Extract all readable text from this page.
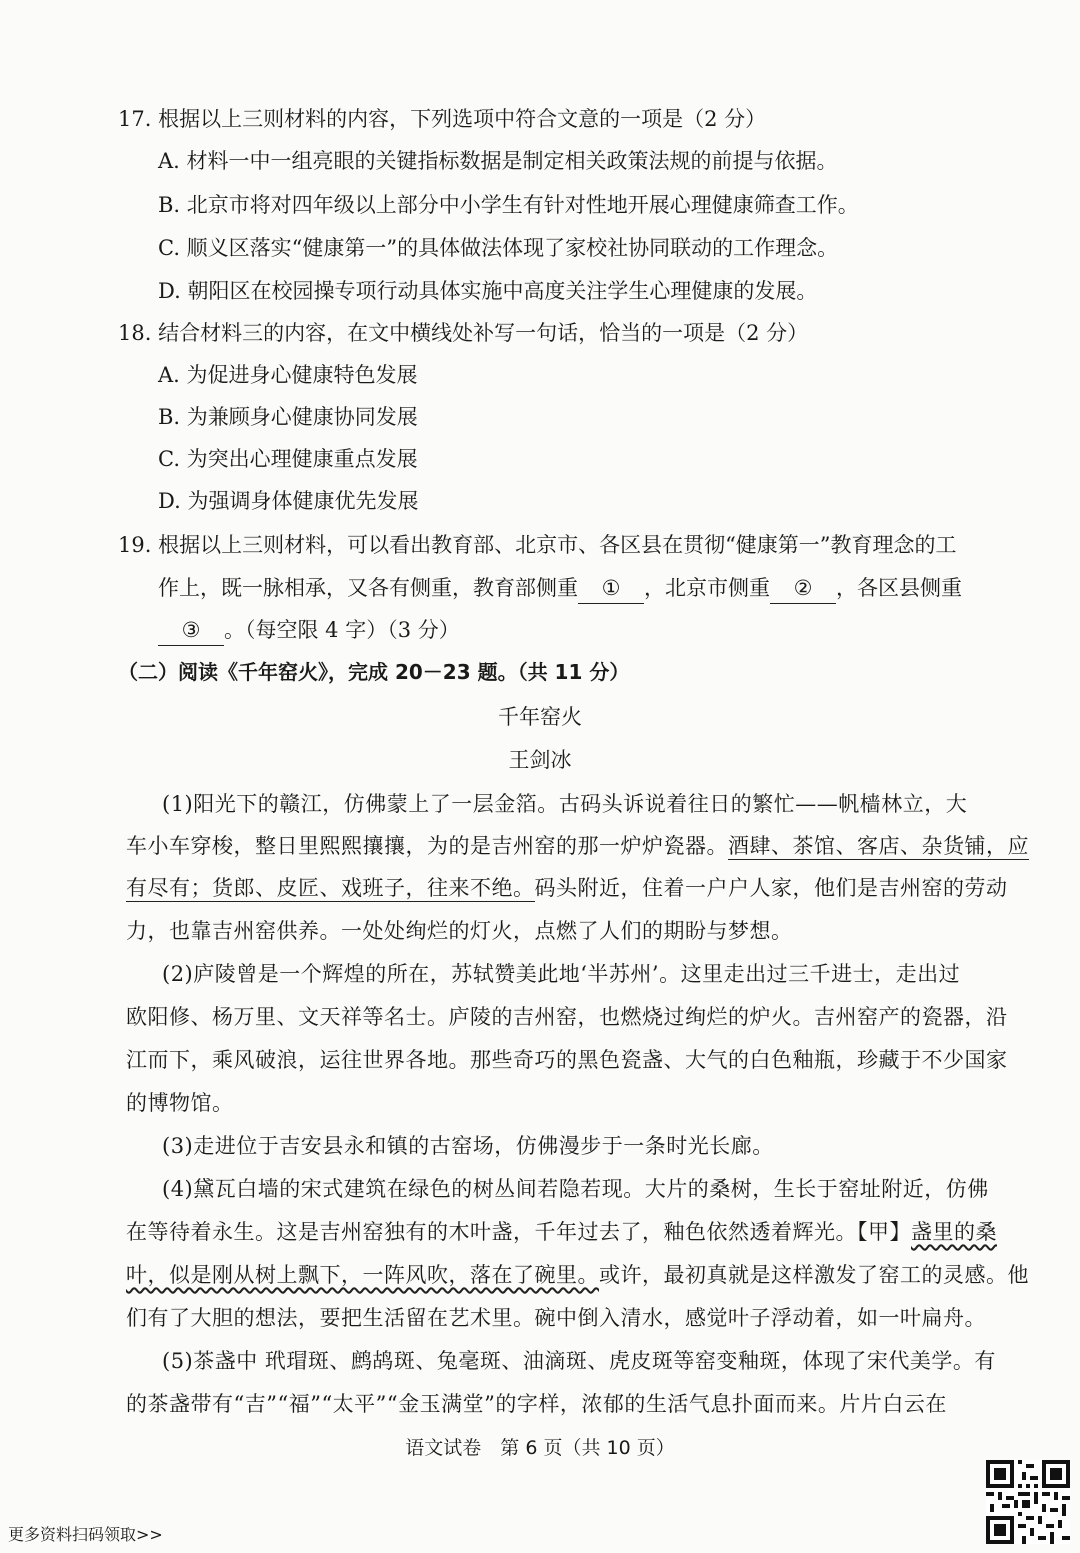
17. 根据以上三则材料的内容，下列选项中符合文意的一项是（2 分）
A. 材料一中一组亮眼的关键指标数据是制定相关政策法规的前提与依据。
B. 北京市将对四年级以上部分中小学生有针对性地开展心理健康筛查工作。
C. 顺义区落实“健康第一”的具体做法体现了家校社协同联动的工作理念。
D. 朝阳区在校园操专项行动具体实施中高度关注学生心理健康的发展。
18. 结合材料三的内容，在文中横线处补写一句话，恰当的一项是（2 分）
A. 为促进身心健康特色发展
B. 为兼顾身心健康协同发展
C. 为突出心理健康重点发展
D. 为强调身体健康优先发展
19. 根据以上三则材料，可以看出教育部、北京市、各区县在贯彻“健康第一”教育理念的工
作上，既一脉相承，又各有侧重，教育部侧重 ① ，北京市侧重 ② ，各区县侧重
③ 。（每空限 4 字）（3 分）
（二）阅读《千年窑火》，完成 20－23 题。（共 11 分）
千年窑火
王剑冰
(1)阳光下的赣江，仿佛蒙上了一层金箔。古码头诉说着往日的繁忙——帆樯林立，大
车小车穿梭，整日里熙熙攘攘，为的是吉州窑的那一炉炉瓷器。酒肆、茶馆、客店、杂货铺，应
有尽有；货郎、皮匠、戏班子，往来不绝。码头附近，住着一户户人家，他们是吉州窑的劳动
力，也靠吉州窑供养。一处处绚烂的灯火，点燃了人们的期盼与梦想。
(2)庐陵曾是一个辉煌的所在，苏轼赞美此地‘半苏州’。这里走出过三千进士，走出过
欧阳修、杨万里、文天祥等名士。庐陵的吉州窑，也燃烧过绚烂的炉火。吉州窑产的瓷器，沿
江而下，乘风破浪，运往世界各地。那些奇巧的黑色瓷盏、大气的白色釉瓶，珍藏于不少国家
的博物馆。
(3)走进位于吉安县永和镇的古窑场，仿佛漫步于一条时光长廊。
(4)黛瓦白墙的宋式建筑在绿色的树丛间若隐若现。大片的桑树，生长于窑址附近，仿佛
在等待着永生。这是吉州窑独有的木叶盏，千年过去了，釉色依然透着辉光。【甲】盏里的桑
叶，似是刚从树上飘下，一阵风吹，落在了碗里。或许，最初真就是这样激发了窑工的灵感。他
们有了大胆的想法，要把生活留在艺术里。碗中倒入清水，感觉叶子浮动着，如一叶扁舟。
(5)茶盏中 玳瑁斑、鹧鸪斑、兔毫斑、油滴斑、虎皮斑等窑变釉斑，体现了宋代美学。有
的茶盏带有“吉”“福”“太平”“金玉满堂”的字样，浓郁的生活气息扑面而来。片片白云在
语文试卷　第 6 页（共 10 页）
更多资料扫码领取>>
